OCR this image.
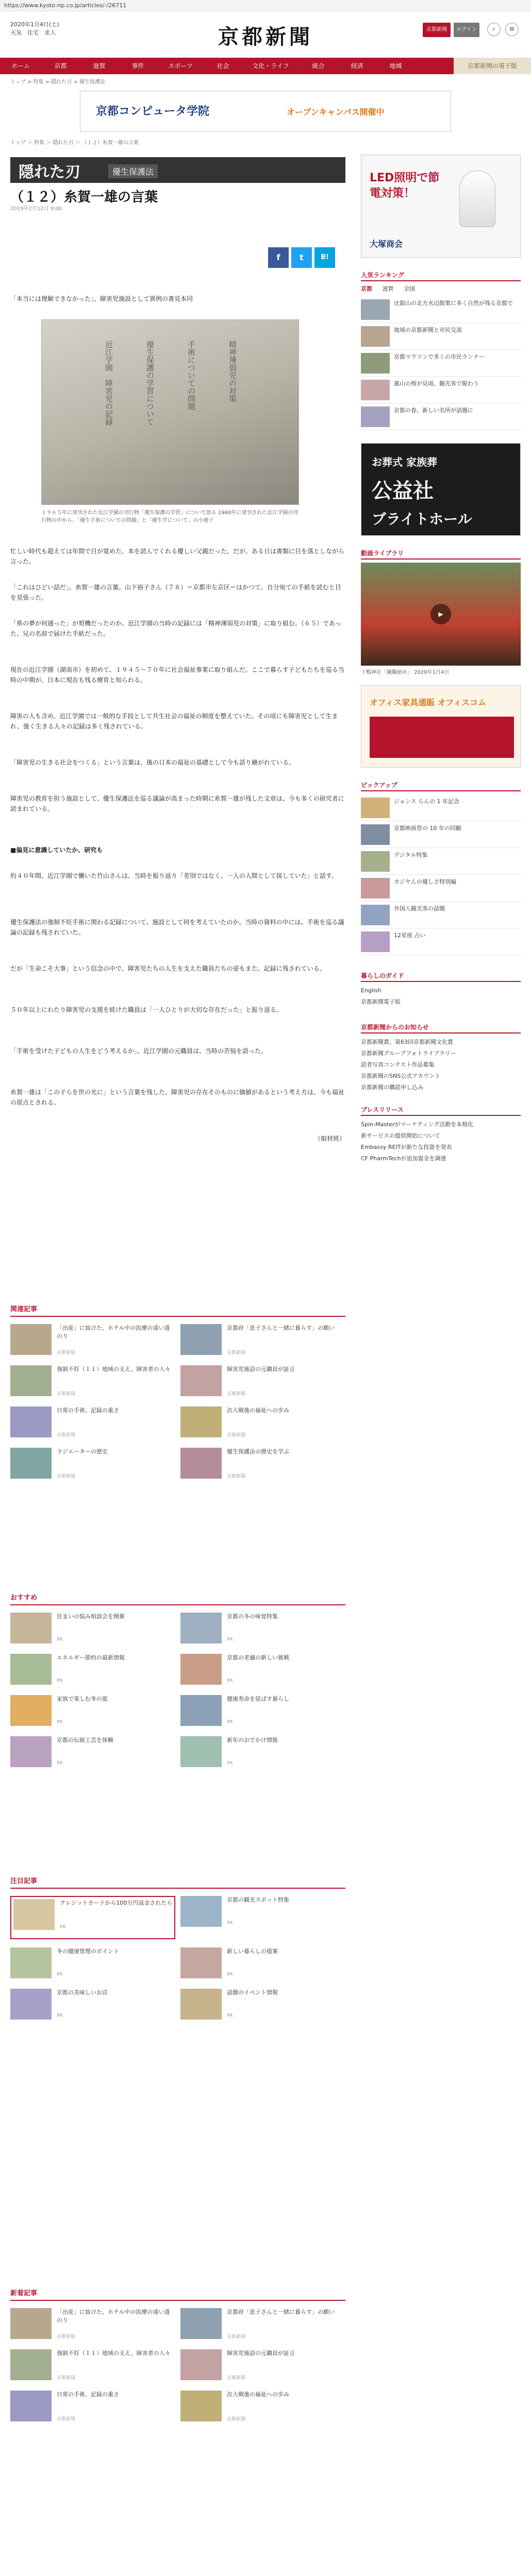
https://www.kyoto-np.co.jp/articles/-/26711
2020年1月4日(土)
天気　住宅　求人	京都新聞	京都新聞	ログイン	⌕	≡
ホーム	京都	滋賀	事件	スポーツ	社会	文化・ライフ	統合	経済	地域	京都新聞の電子版
トップ > 特集 > 隠れた刃 > 優生保護法
京都コンピュータ学院	オープンキャンパス開催中
トップ ＞ 特集 ＞ 隠れた刃 ＞ （１２）糸賀一雄の言葉
隠れた刃	優生保護法
（１２）糸賀一雄の言葉
2019年2月12日 9:00
f	t	B!
「本当には理解できなかった」。障害児施設として異例の書見本同
近江学園　障害児の記録	優生保護の学習について	手術についての問題	精神薄弱児の対策
１９６５年に発刊された近江学園の刊行物「優生保護の学習」について語る 1960年に発刊された近江学園の刊行物の中から、「優生手術についての問題」と「優生学について」の小冊子
忙しい時代も超えては年間で目が覚めた。本を読んでくれる優しい父親だった。だが、ある日は書類に目を落としながら言った。
「これはひどい話だ」。糸賀一雄の言葉。山下裕子さん（７８）＝京都市左京区＝はかつて、自分宛ての手紙を読むと目を見張った。
「県の夢が何通った」が契機だったのか、近江学園の当時の記録には「精神薄弱児の対策」に取り組む。（６５）であった、兄の名前で届けた手紙だった。
現在の近江学園（湖南市）を初めて、１９４５～７０年に社会福祉事業に取り組んだ。ここで暮らす子どもたちを巡る当時の中期が、日本に現在も残る療育と知られる。
障害の人も含め、近江学園では一般的な手段として共生社会の福祉の制度を整えていた。その頃にも障害児として生まれ、強く生きる人々の記録は多く残されている。
「障害児の生きる社会をつくる」という言葉は、後の日本の福祉の基礎として今も語り継がれている。
障害児の教育を担う施設として、優生保護法を巡る議論が高まった時期に糸賀一雄が残した文章は、今も多くの研究者に読まれている。
■偏見に意識していたか、研究も
約４０年間、近江学園で働いた竹山さんは、当時を振り返り「差別ではなく、一人の人間として接していた」と話す。
優生保護法の強制不妊手術に関わる記録について、施設として何を考えていたのか。当時の資料の中には、手術を巡る議論の記録も残されていた。
だが「生命こそ大事」という信念の中で、障害児たちの人生を支えた職員たちの姿もまた、記録に残されている。
５０年以上にわたり障害児の支援を続けた職員は「一人ひとりが大切な存在だった」と振り返る。
「手術を受けた子どもの人生をどう考えるか」。近江学園の元職員は、当時の苦悩を語った。
糸賀一雄は「この子らを世の光に」という言葉を残した。障害児の存在そのものに価値があるという考え方は、今も福祉の原点とされる。
（取材班）
LED照明で節電対策！
大塚商会
人気ランキング
京都 滋賀 全国
比叡山の北方水辺散策に多く自然が残る京都で
地域の京都新聞と市民交流
京都マラソンで多くの市民ランナー
嵐山の桜が見頃、観光客で賑わう
京都の春、新しい名所が話題に
お葬式 家族葬
公益社
ブライトホール
動画ライブラリ
▶
下鴨神社「蹴鞠始め」 2020年1月4日
オフィス家具通販 オフィスコム
ピックアップ
ジョンス らんの 1 年記念
京都映画祭の 10 年の回顧
デジタル特集
カジヤんの優しさ特別編
外国人観光客の話題
12星座 占い
暮らしのガイド
English
京都新聞電子版
京都新聞からのお知らせ
京都新聞賞、第63回京都新聞文化賞
京都新聞グループフォトライブラリー
読者写真コンテスト作品募集
京都新聞のSNS公式アカウント
京都新聞の購読申し込み
プレスリリース
Spin-Masterがマーケティング活動を本格化
新サービスの提供開始について
Embassy REITが新たな投資を発表
CF PharmTechが追加資金を調達
関連記事
「出産」に抜けた、ホテル中の医療の遠い道のり
京都新聞
京都府「息子さんと一緒に暮らす」の願い
京都新聞
強制不妊（１１）地域の支え、障害者の人々
京都新聞
障害児施設の元職員が証言
京都新聞
日常の手術、記録の重さ
京都新聞
次大戦後の福祉への歩み
京都新聞
ラジエーターの歴史
京都新聞
優生保護法の歴史を学ぶ
京都新聞
おすすめ
住まいの悩み相談会を開催
PR
京都の冬の味覚特集
PR
エネルギー節約の最新情報
PR
京都の老舗の新しい挑戦
PR
家族で楽しむ冬の旅
PR
健康寿命を延ばす暮らし
PR
京都の伝統工芸を体験
PR
新年のおでかけ情報
PR
注目記事
クレジットカードから100万円返金されたら
PR
京都の観光スポット特集
PR
冬の健康管理のポイント
PR
新しい暮らしの提案
PR
京都の美味しいお店
PR
話題のイベント情報
PR
新着記事
「出産」に抜けた、ホテル中の医療の遠い道のり
京都新聞
京都府「息子さんと一緒に暮らす」の願い
京都新聞
強制不妊（１１）地域の支え、障害者の人々
京都新聞
障害児施設の元職員が証言
京都新聞
日常の手術、記録の重さ
京都新聞
次大戦後の福祉への歩み
京都新聞
